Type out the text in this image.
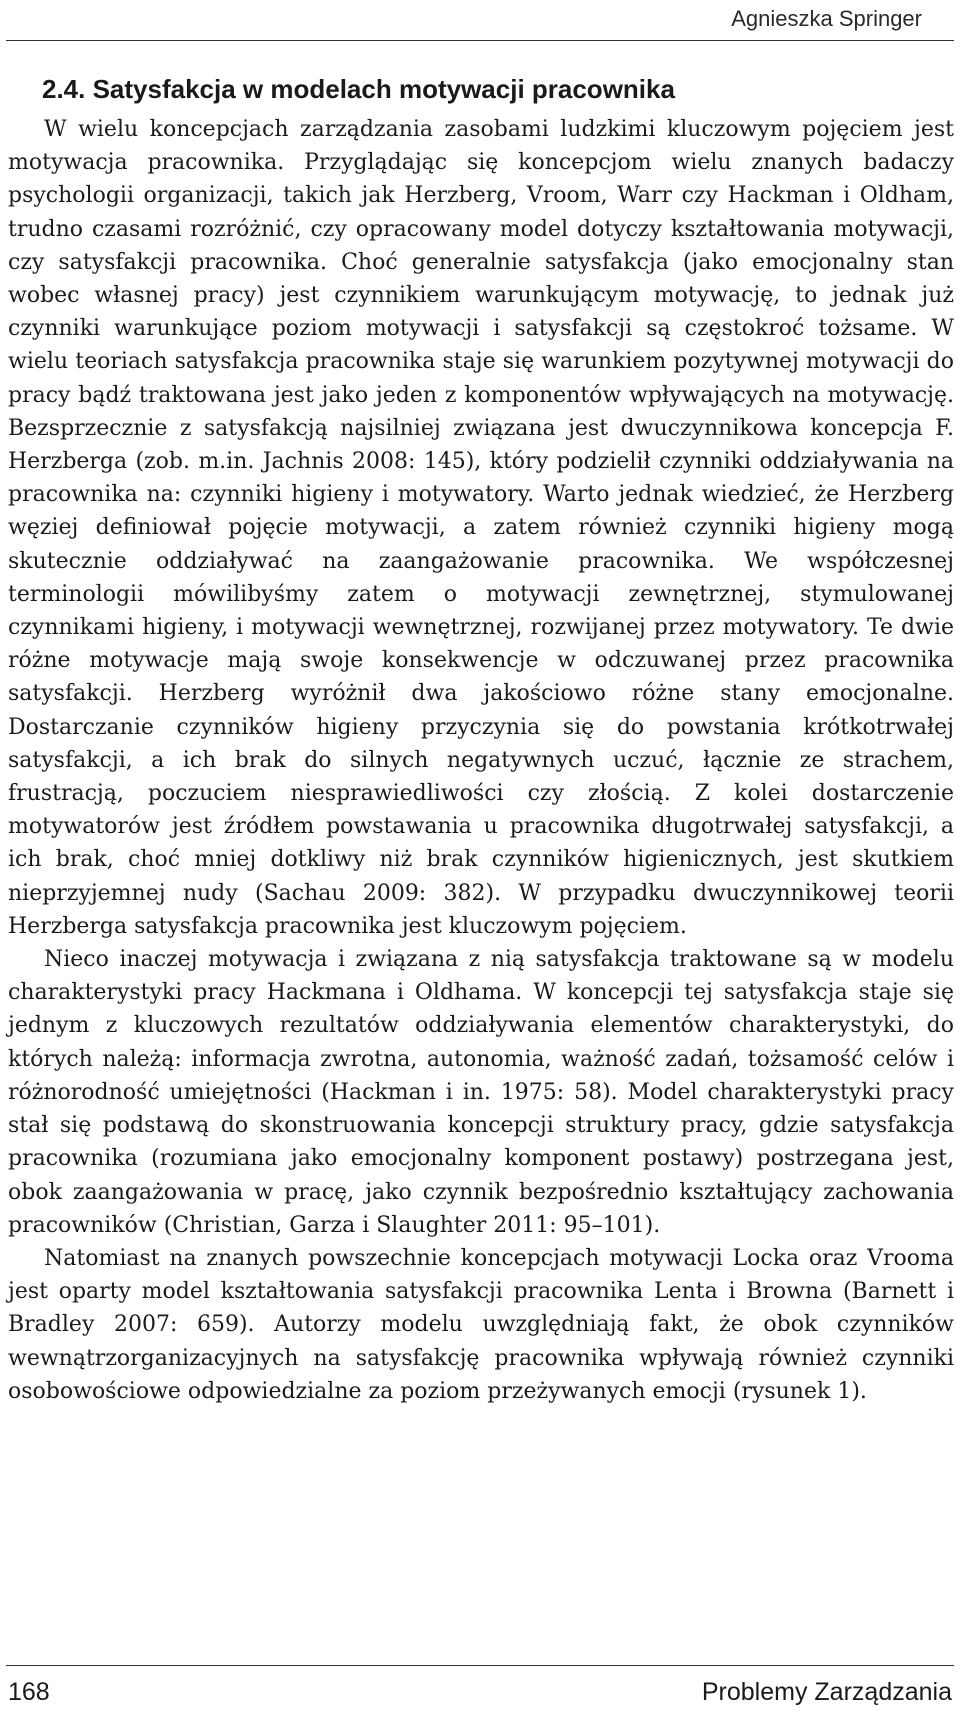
Agnieszka Springer
2.4. Satysfakcja w modelach motywacji pracownika

W wielu koncepcjach zarządzania zasobami ludzkimi kluczowym pojęciem jest motywacja pracownika. Przyglądając się koncepcjom wielu znanych badaczy psychologii organizacji, takich jak Herzberg, Vroom, Warr czy Hackman i Oldham, trudno czasami rozróżnić, czy opracowany model dotyczy kształtowania motywacji, czy satysfakcji pracownika. Choć generalnie satysfakcja (jako emocjonalny stan wobec własnej pracy) jest czynnikiem warunkującym motywację, to jednak już czynniki warunkujące poziom motywacji i satysfakcji są częstokroć tożsame. W wielu teoriach satysfakcja pracownika staje się warunkiem pozytywnej motywacji do pracy bądź traktowana jest jako jeden z komponentów wpływających na motywację. Bezsprzecznie z satysfakcją najsilniej związana jest dwuczynnikowa koncepcja F. Herzberga (zob. m.in. Jachnis 2008: 145), który podzielił czynniki oddziaływania na pracownika na: czynniki higieny i motywatory. Warto jednak wiedzieć, że Herzberg węziej definiował pojęcie motywacji, a zatem również czynniki higieny mogą skutecznie oddziaływać na zaangażowanie pracownika. We współczesnej terminologii mówilibyśmy zatem o motywacji zewnętrznej, stymulowanej czynnikami higieny, i motywacji wewnętrznej, rozwijanej przez motywatory. Te dwie różne motywacje mają swoje konsekwencje w odczuwanej przez pracownika satysfakcji. Herzberg wyróżnił dwa jakościowo różne stany emocjonalne. Dostarczanie czynników higieny przyczynia się do powstania krótkotrwałej satysfakcji, a ich brak do silnych negatywnych uczuć, łącznie ze strachem, frustracją, poczuciem niesprawiedliwości czy złością. Z kolei dostarczenie motywatorów jest źródłem powstawania u pracownika długotrwałej satysfakcji, a ich brak, choć mniej dotkliwy niż brak czynników higienicznych, jest skutkiem nieprzyjemnej nudy (Sachau 2009: 382). W przypadku dwuczynnikowej teorii Herzberga satysfakcja pracownika jest kluczowym pojęciem.

Nieco inaczej motywacja i związana z nią satysfakcja traktowane są w modelu charakterystyki pracy Hackmana i Oldhama. W koncepcji tej satysfakcja staje się jednym z kluczowych rezultatów oddziaływania elementów charakterystyki, do których należą: informacja zwrotna, autonomia, ważność zadań, tożsamość celów i różnorodność umiejętności (Hackman i in. 1975: 58). Model charakterystyki pracy stał się podstawą do skonstruowania koncepcji struktury pracy, gdzie satysfakcja pracownika (rozumiana jako emocjonalny komponent postawy) postrzegana jest, obok zaangażowania w pracę, jako czynnik bezpośrednio kształtujący zachowania pracowników (Christian, Garza i Slaughter 2011: 95–101).

Natomiast na znanych powszechnie koncepcjach motywacji Locka oraz Vrooma jest oparty model kształtowania satysfakcji pracownika Lenta i Browna (Barnett i Bradley 2007: 659). Autorzy modelu uwzględniają fakt, że obok czynników wewnątrzorganizacyjnych na satysfakcję pracownika wpływają również czynniki osobowościowe odpowiedzialne za poziom przeżywanych emocji (rysunek 1).

168	Problemy Zarządzania
